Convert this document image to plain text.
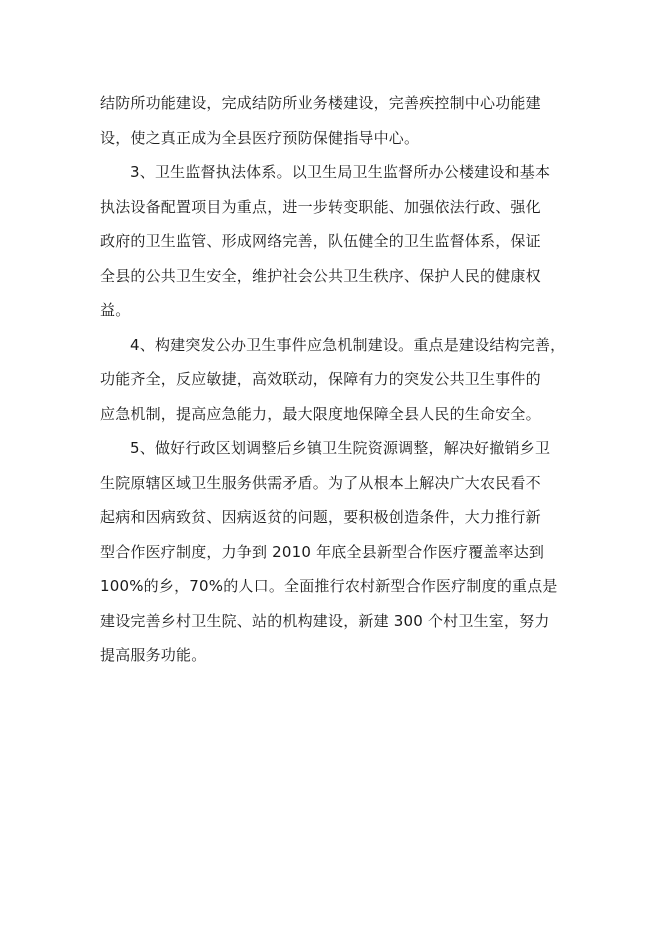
结防所功能建设，完成结防所业务楼建设，完善疾控制中心功能建
设，使之真正成为全县医疗预防保健指导中心。
3、卫生监督执法体系。以卫生局卫生监督所办公楼建设和基本
执法设备配置项目为重点，进一步转变职能、加强依法行政、强化
政府的卫生监管、形成网络完善，队伍健全的卫生监督体系，保证
全县的公共卫生安全，维护社会公共卫生秩序、保护人民的健康权
益。
4、构建突发公办卫生事件应急机制建设。重点是建设结构完善，
功能齐全，反应敏捷，高效联动，保障有力的突发公共卫生事件的
应急机制，提高应急能力，最大限度地保障全县人民的生命安全。
5、做好行政区划调整后乡镇卫生院资源调整，解决好撤销乡卫
生院原辖区域卫生服务供需矛盾。为了从根本上解决广大农民看不
起病和因病致贫、因病返贫的问题，要积极创造条件，大力推行新
型合作医疗制度，力争到 2010 年底全县新型合作医疗覆盖率达到
100%的乡，70%的人口。全面推行农村新型合作医疗制度的重点是
建设完善乡村卫生院、站的机构建设，新建 300 个村卫生室，努力
提高服务功能。
